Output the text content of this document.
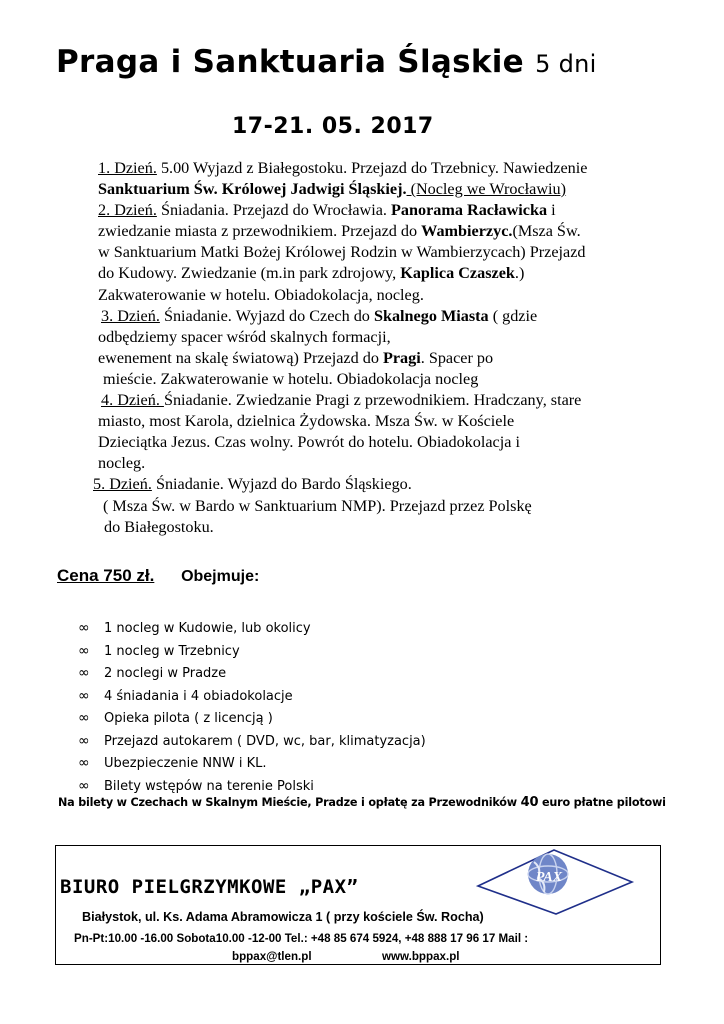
Praga i Sanktuaria Śląskie 5 dni
17-21. 05. 2017
1. Dzień. 5.00 Wyjazd z Białegostoku. Przejazd do Trzebnicy. Nawiedzenie
Sanktuarium Św. Królowej Jadwigi Śląskiej. (Nocleg we Wrocławiu)
2. Dzień. Śniadania. Przejazd do Wrocławia. Panorama Racławicka i
zwiedzanie miasta z przewodnikiem. Przejazd do Wambierzyc.(Msza Św.
w Sanktuarium Matki Bożej Królowej Rodzin w Wambierzycach) Przejazd
do Kudowy. Zwiedzanie (m.in park zdrojowy, Kaplica Czaszek.)
Zakwaterowanie w hotelu. Obiadokolacja, nocleg.
3. Dzień. Śniadanie. Wyjazd do Czech do Skalnego Miasta ( gdzie
odbędziemy spacer wśród skalnych formacji,
ewenement na skalę światową) Przejazd do Pragi. Spacer po
mieście. Zakwaterowanie w hotelu. Obiadokolacja nocleg
4. Dzień. Śniadanie. Zwiedzanie Pragi z przewodnikiem. Hradczany, stare
miasto, most Karola, dzielnica Żydowska. Msza Św. w Kościele
Dzieciątka Jezus. Czas wolny. Powrót do hotelu. Obiadokolacja i
nocleg.
5. Dzień. Śniadanie. Wyjazd do Bardo Śląskiego.
( Msza Św. w Bardo w Sanktuarium NMP). Przejazd przez Polskę
do Białegostoku.
Cena 750 zł. Obejmuje:
∞ 1 nocleg w Kudowie, lub okolicy
∞ 1 nocleg w Trzebnicy
∞ 2 noclegi w Pradze
∞ 4 śniadania i 4 obiadokolacje
∞ Opieka pilota ( z licencją )
∞ Przejazd autokarem ( DVD, wc, bar, klimatyzacja)
∞ Ubezpieczenie NNW i KL.
∞ Bilety wstępów na terenie Polski
Na bilety w Czechach w Skalnym Mieście, Pradze i opłatę za Przewodników 40 euro płatne pilotowi
PAX
BIURO PIELGRZYMKOWE „PAX”
Białystok, ul. Ks. Adama Abramowicza 1 ( przy kościele Św. Rocha)
Pn-Pt:10.00 -16.00 Sobota10.00 -12-00 Tel.: +48 85 674 5924, +48 888 17 96 17 Mail :
bppax@tlen.pl	www.bppax.pl
